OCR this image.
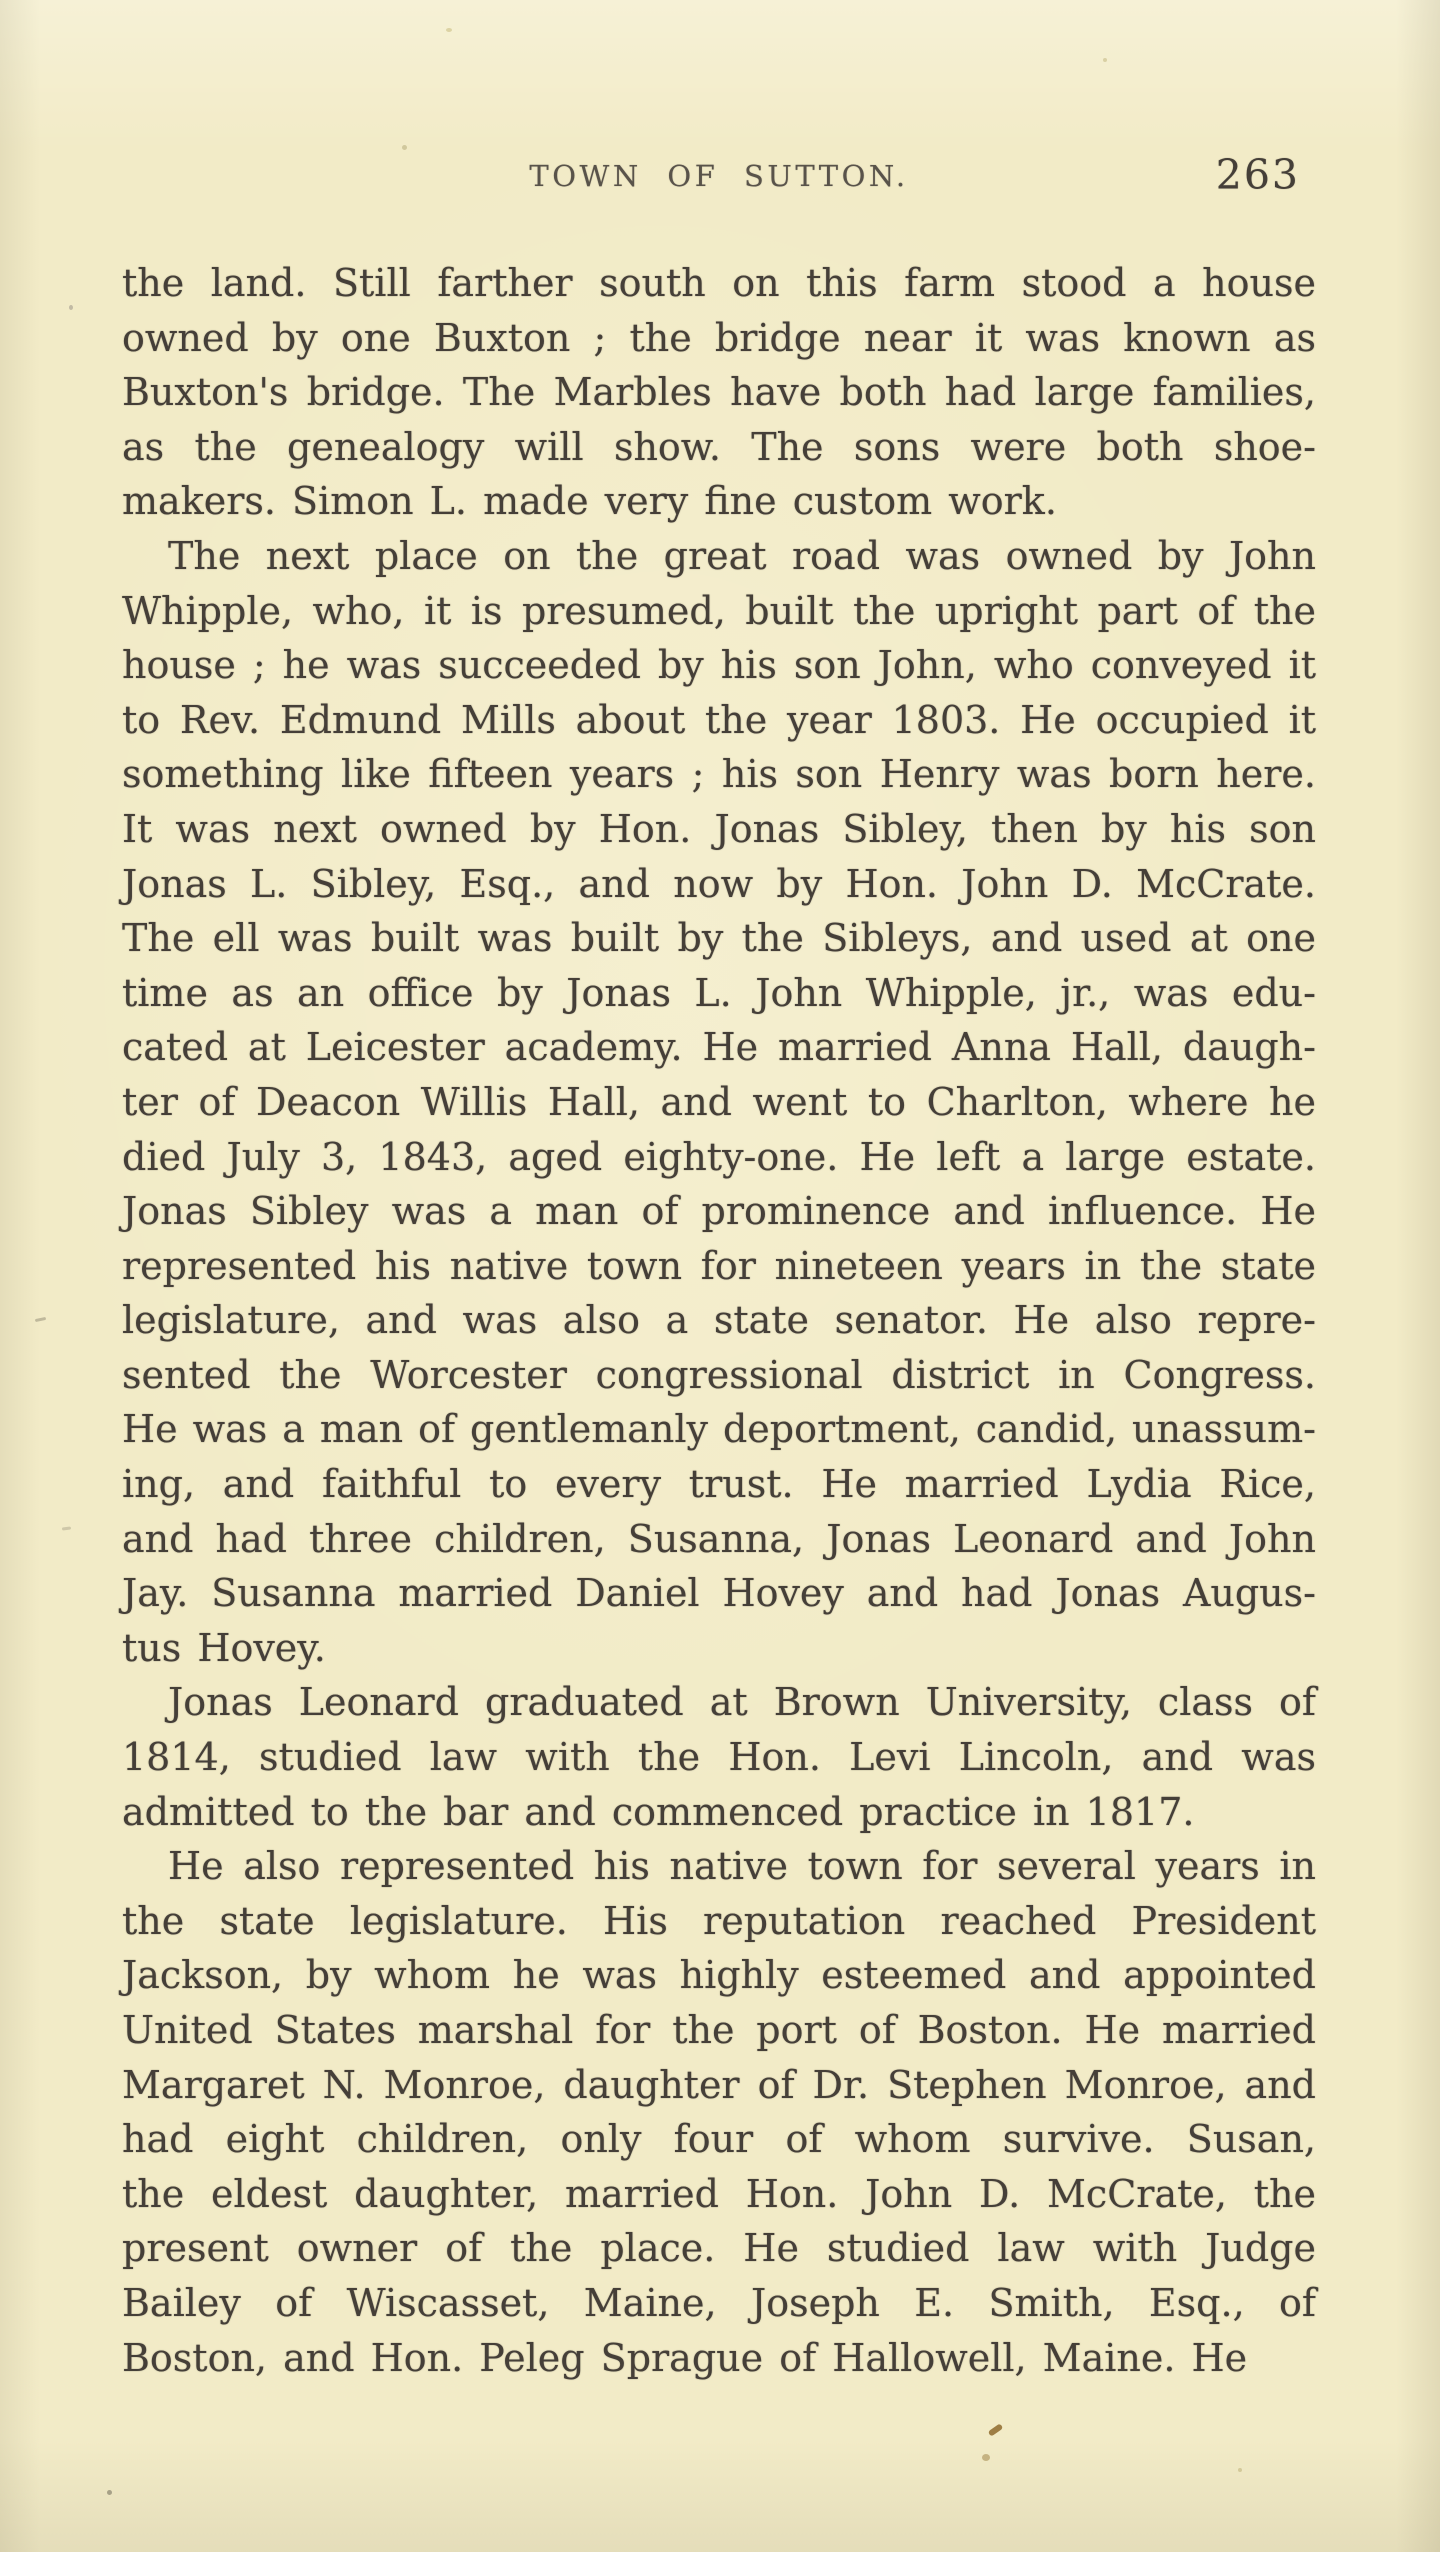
TOWN OF SUTTON.	263
the land. Still farther south on this farm stood a house
owned by one Buxton ; the bridge near it was known as
Buxton's bridge. The Marbles have both had large families,
as the genealogy will show. The sons were both shoe-
makers. Simon L. made very fine custom work.
The next place on the great road was owned by John
Whipple, who, it is presumed, built the upright part of the
house ; he was succeeded by his son John, who conveyed it
to Rev. Edmund Mills about the year 1803. He occupied it
something like fifteen years ; his son Henry was born here.
It was next owned by Hon. Jonas Sibley, then by his son
Jonas L. Sibley, Esq., and now by Hon. John D. McCrate.
The ell was built was built by the Sibleys, and used at one
time as an office by Jonas L. John Whipple, jr., was edu-
cated at Leicester academy. He married Anna Hall, daugh-
ter of Deacon Willis Hall, and went to Charlton, where he
died July 3, 1843, aged eighty-one. He left a large estate.
Jonas Sibley was a man of prominence and influence. He
represented his native town for nineteen years in the state
legislature, and was also a state senator. He also repre-
sented the Worcester congressional district in Congress.
He was a man of gentlemanly deportment, candid, unassum-
ing, and faithful to every trust. He married Lydia Rice,
and had three children, Susanna, Jonas Leonard and John
Jay. Susanna married Daniel Hovey and had Jonas Augus-
tus Hovey.
Jonas Leonard graduated at Brown University, class of
1814, studied law with the Hon. Levi Lincoln, and was
admitted to the bar and commenced practice in 1817.
He also represented his native town for several years in
the state legislature. His reputation reached President
Jackson, by whom he was highly esteemed and appointed
United States marshal for the port of Boston. He married
Margaret N. Monroe, daughter of Dr. Stephen Monroe, and
had eight children, only four of whom survive. Susan,
the eldest daughter, married Hon. John D. McCrate, the
present owner of the place. He studied law with Judge
Bailey of Wiscasset, Maine, Joseph E. Smith, Esq., of
Boston, and Hon. Peleg Sprague of Hallowell, Maine. He
